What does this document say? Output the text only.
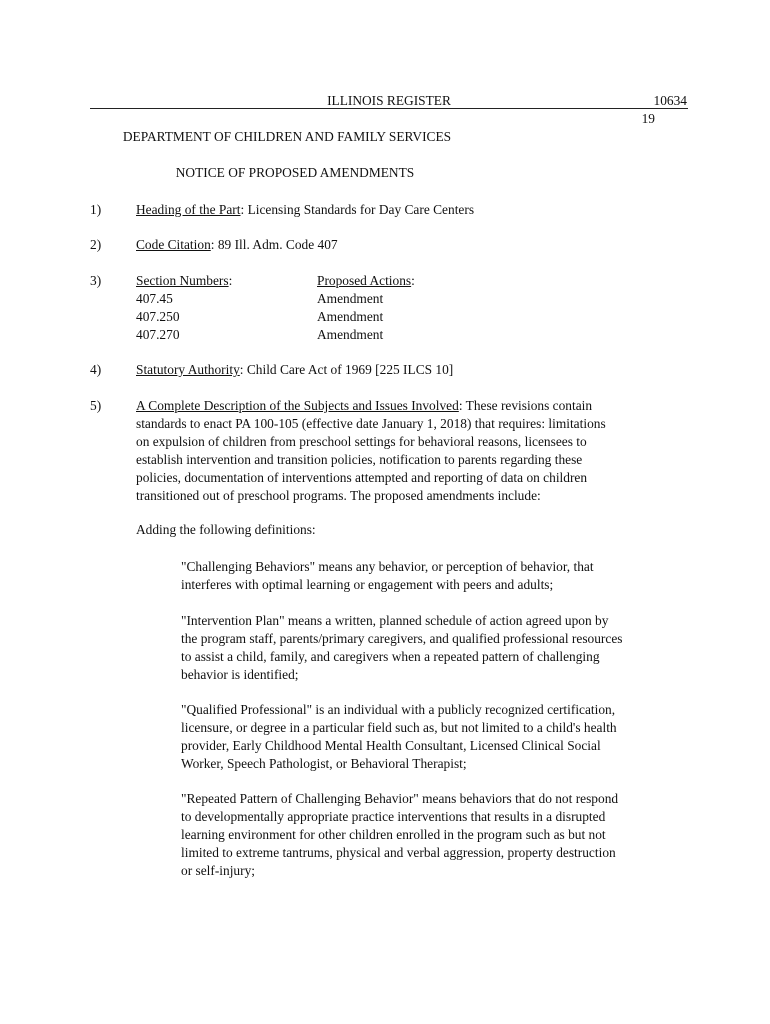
ILLINOIS REGISTER	10634
19
DEPARTMENT OF CHILDREN AND FAMILY SERVICES
NOTICE OF PROPOSED AMENDMENTS
1)	Heading of the Part: Licensing Standards for Day Care Centers
2)	Code Citation: 89 Ill. Adm. Code 407
3)	Section Numbers:	Proposed Actions:
407.45	Amendment
407.250	Amendment
407.270	Amendment
4)	Statutory Authority: Child Care Act of 1969 [225 ILCS 10]
5)	A Complete Description of the Subjects and Issues Involved: These revisions contain
standards to enact PA 100-105 (effective date January 1, 2018) that requires: limitations
on expulsion of children from preschool settings for behavioral reasons, licensees to
establish intervention and transition policies, notification to parents regarding these
policies, documentation of interventions attempted and reporting of data on children
transitioned out of preschool programs. The proposed amendments include:
Adding the following definitions:
"Challenging Behaviors" means any behavior, or perception of behavior, that
interferes with optimal learning or engagement with peers and adults;
"Intervention Plan" means a written, planned schedule of action agreed upon by
the program staff, parents/primary caregivers, and qualified professional resources
to assist a child, family, and caregivers when a repeated pattern of challenging
behavior is identified;
"Qualified Professional" is an individual with a publicly recognized certification,
licensure, or degree in a particular field such as, but not limited to a child's health
provider, Early Childhood Mental Health Consultant, Licensed Clinical Social
Worker, Speech Pathologist, or Behavioral Therapist;
"Repeated Pattern of Challenging Behavior" means behaviors that do not respond
to developmentally appropriate practice interventions that results in a disrupted
learning environment for other children enrolled in the program such as but not
limited to extreme tantrums, physical and verbal aggression, property destruction
or self-injury;
